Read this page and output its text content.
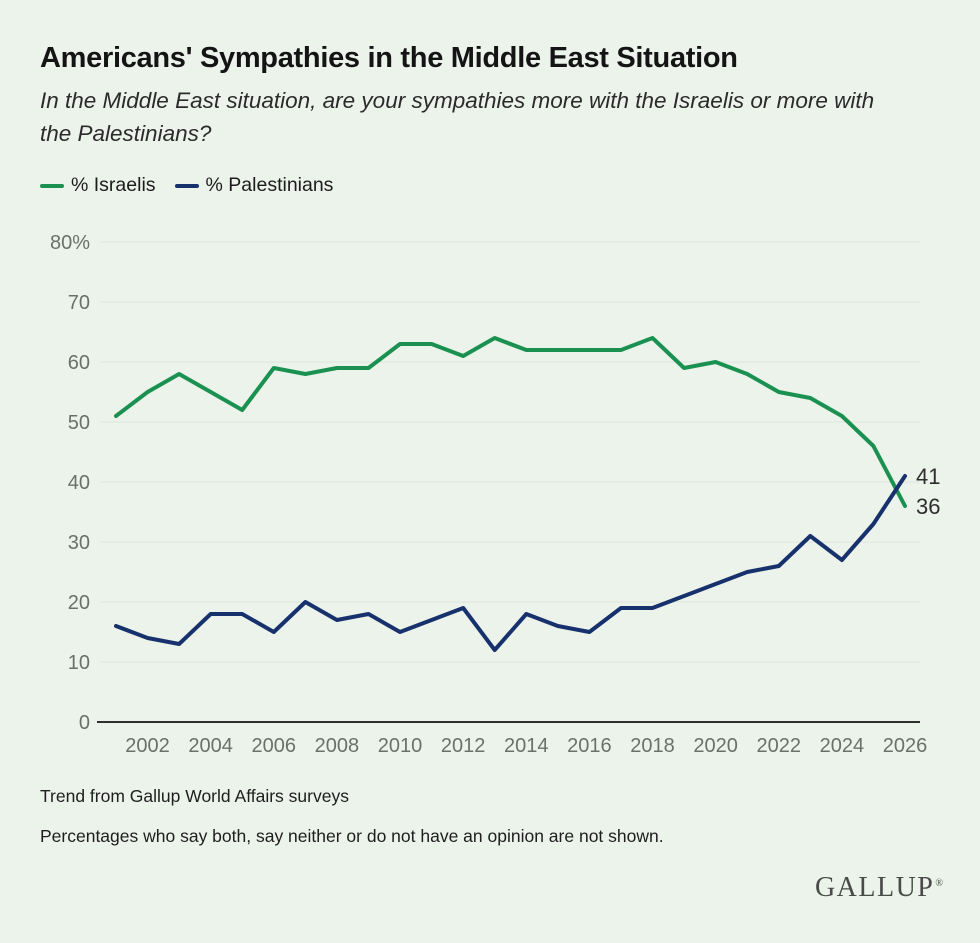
Americans' Sympathies in the Middle East Situation

In the Middle East situation, are your sympathies more with the Israelis or more with the Palestinians?

% Israelis	% Palestinians
0
10
20
30
40
50
60
70
80%
2002 2004 2006 2008 2010 2012 2014 2016 2018 2020 2022 2024 2026
36
41

Trend from Gallup World Affairs surveys

Percentages who say both, say neither or do not have an opinion are not shown.

GALLUP®
